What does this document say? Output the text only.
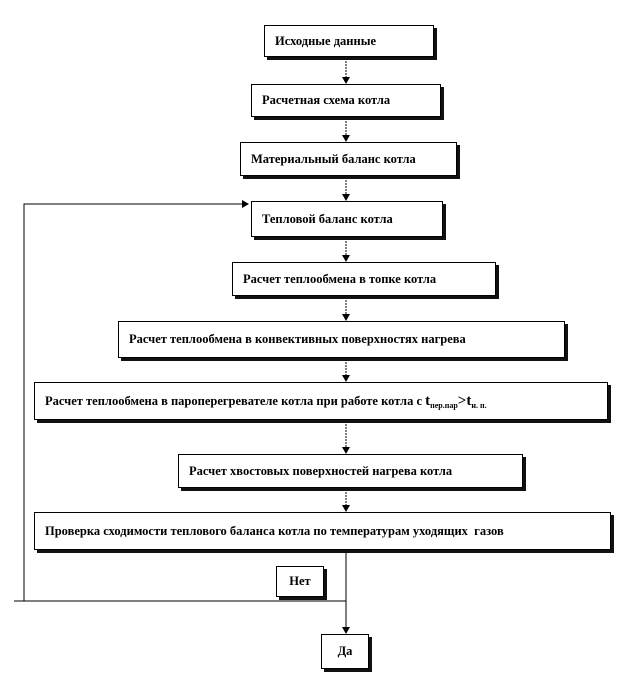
Исходные данные
Расчетная схема котла
Материальный баланс котла
Тепловой баланс котла
Расчет теплообмена в топке котла
Расчет теплообмена в конвективных поверхностях нагрева
Расчет теплообмена в пароперегревателе котла при работе котла с $t_{пер.пар}>t_{н. п.}$
Расчет хвостовых поверхностей нагрева котла
Проверка сходимости теплового баланса котла по температурам уходящих  газов
Нет
Да
